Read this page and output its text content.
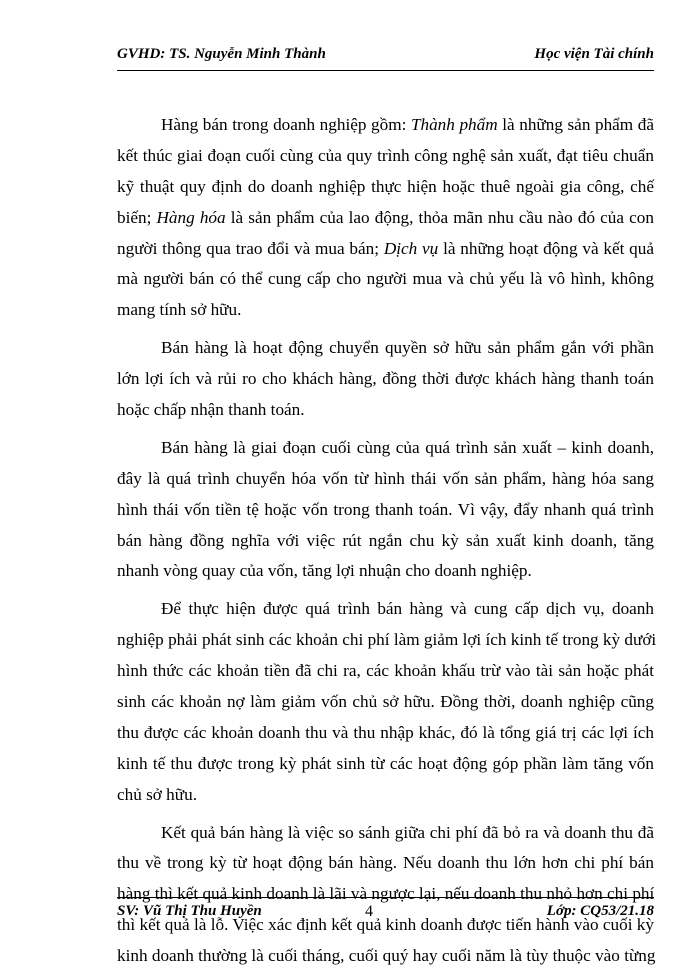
GVHD: TS. Nguyễn Minh Thành	Học viện Tài chính
Hàng bán trong doanh nghiệp gồm: Thành phẩm là những sản phẩm đã
kết thúc giai đoạn cuối cùng của quy trình công nghệ sản xuất, đạt tiêu chuẩn
kỹ thuật quy định do doanh nghiệp thực hiện hoặc thuê ngoài gia công, chế
biến; Hàng hóa là sản phẩm của lao động, thỏa mãn nhu cầu nào đó của con
người thông qua trao đổi và mua bán; Dịch vụ là những hoạt động và kết quả
mà người bán có thể cung cấp cho người mua và chủ yếu là vô hình, không
mang tính sở hữu.
Bán hàng là hoạt động chuyển quyền sở hữu sản phẩm gắn với phần
lớn lợi ích và rủi ro cho khách hàng, đồng thời được khách hàng thanh toán
hoặc chấp nhận thanh toán.
Bán hàng là giai đoạn cuối cùng của quá trình sản xuất – kinh doanh,
đây là quá trình chuyển hóa vốn từ hình thái vốn sản phẩm, hàng hóa sang
hình thái vốn tiền tệ hoặc vốn trong thanh toán. Vì vậy, đẩy nhanh quá trình
bán hàng đồng nghĩa với việc rút ngắn chu kỳ sản xuất kinh doanh, tăng
nhanh vòng quay của vốn, tăng lợi nhuận cho doanh nghiệp.
Để thực hiện được quá trình bán hàng và cung cấp dịch vụ, doanh
nghiệp phải phát sinh các khoản chi phí làm giảm lợi ích kinh tế trong kỳ dưới
hình thức các khoản tiền đã chi ra, các khoản khấu trừ vào tài sản hoặc phát
sinh các khoản nợ làm giảm vốn chủ sở hữu. Đồng thời, doanh nghiệp cũng
thu được các khoản doanh thu và thu nhập khác, đó là tổng giá trị các lợi ích
kinh tế thu được trong kỳ phát sinh từ các hoạt động góp phần làm tăng vốn
chủ sở hữu.
Kết quả bán hàng là việc so sánh giữa chi phí đã bỏ ra và doanh thu đã
thu về trong kỳ từ hoạt động bán hàng. Nếu doanh thu lớn hơn chi phí bán
hàng thì kết quả kinh doanh là lãi và ngược lại, nếu doanh thu nhỏ hơn chi phí
thì kết quả là lỗ. Việc xác định kết quả kinh doanh được tiến hành vào cuối kỳ
kinh doanh thường là cuối tháng, cuối quý hay cuối năm là tùy thuộc vào từng
SV: Vũ Thị Thu Huyền	4	Lớp: CQ53/21.18
